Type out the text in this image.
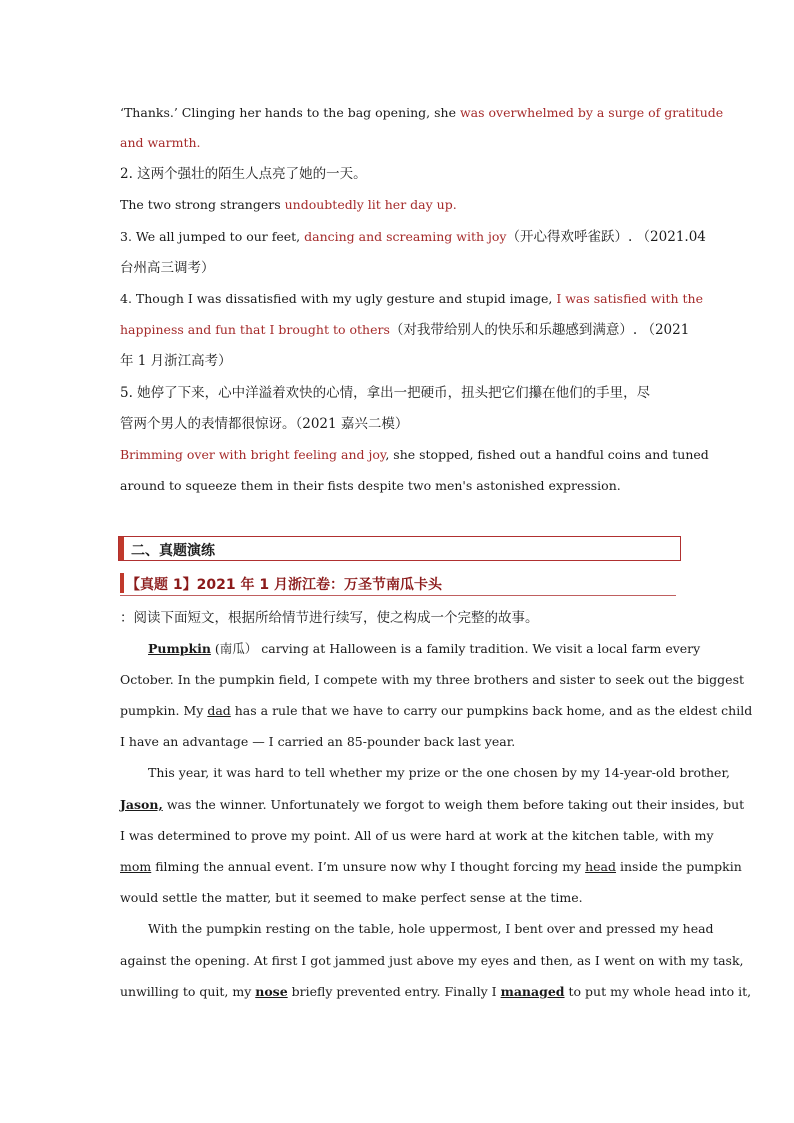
‘Thanks.’ Clinging her hands to the bag opening, she was overwhelmed by a surge of gratitude
and warmth.
2. 这两个强壮的陌生人点亮了她的一天。
The two strong strangers undoubtedly lit her day up.
3. We all jumped to our feet, dancing and screaming with joy（开心得欢呼雀跃）. （2021.04
台州高三调考）
4. Though I was dissatisfied with my ugly gesture and stupid image, I was satisfied with the
happiness and fun that I brought to others（对我带给别人的快乐和乐趣感到满意）. （2021
年 1 月浙江高考）
5. 她停了下来，心中洋溢着欢快的心情，拿出一把硬币，扭头把它们攥在他们的手里，尽
管两个男人的表情都很惊讶。（2021 嘉兴二模）
Brimming over with bright feeling and joy, she stopped, fished out a handful coins and tuned
around to squeeze them in their fists despite two men's astonished expression.
二、真题演练
【真题 1】2021 年 1 月浙江卷：万圣节南瓜卡头
：阅读下面短文，根据所给情节进行续写，使之构成一个完整的故事。
Pumpkin (南瓜） carving at Halloween is a family tradition. We visit a local farm every
October. In the pumpkin field, I compete with my three brothers and sister to seek out the biggest
pumpkin. My dad has a rule that we have to carry our pumpkins back home, and as the eldest child
I have an advantage — I carried an 85-pounder back last year.
This year, it was hard to tell whether my prize or the one chosen by my 14-year-old brother,
Jason, was the winner. Unfortunately we forgot to weigh them before taking out their insides, but
I was determined to prove my point. All of us were hard at work at the kitchen table, with my
mom filming the annual event. I’m unsure now why I thought forcing my head inside the pumpkin
would settle the matter, but it seemed to make perfect sense at the time.
With the pumpkin resting on the table, hole uppermost, I bent over and pressed my head
against the opening. At first I got jammed just above my eyes and then, as I went on with my task,
unwilling to quit, my nose briefly prevented entry. Finally I managed to put my whole head into it,
